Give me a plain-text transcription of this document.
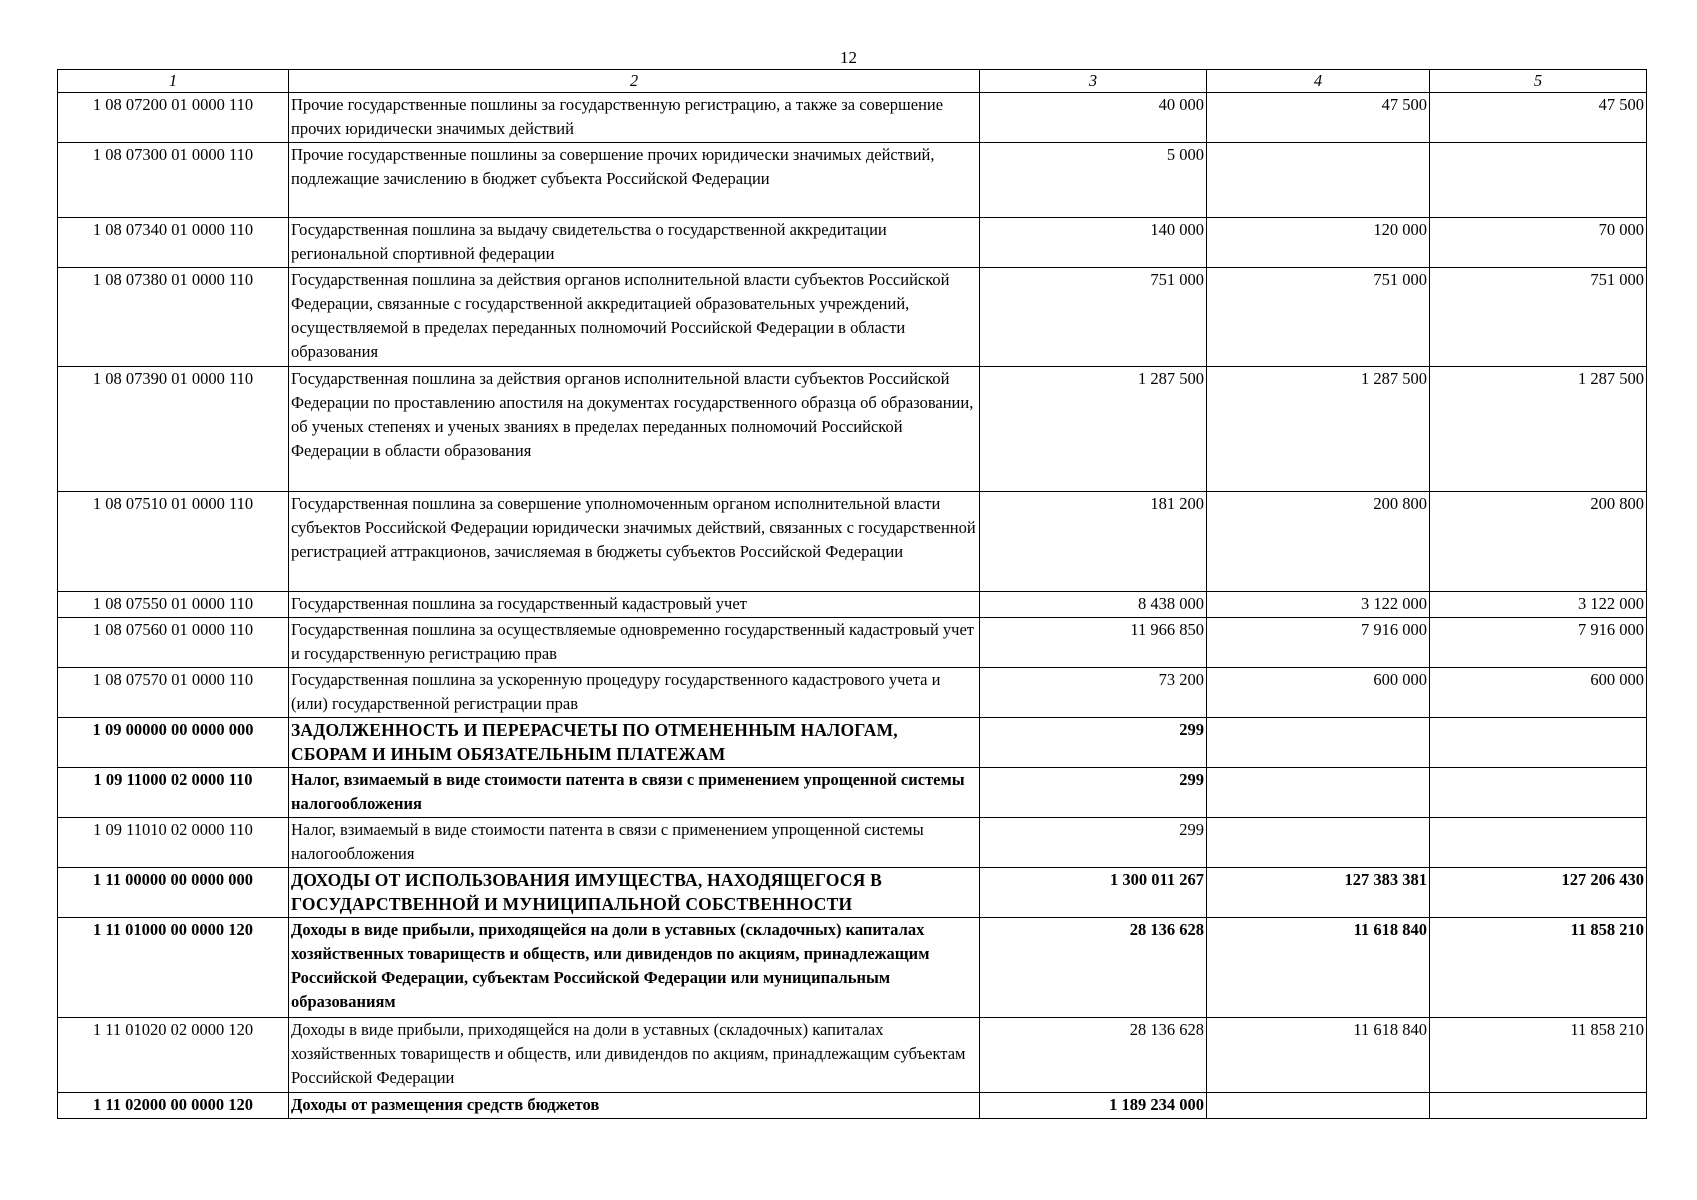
12
1	2	3	4	5
1 08 07200 01 0000 110	Прочие государственные пошлины за государственную регистрацию, а также за совершение прочих юридически значимых действий	40 000	47 500	47 500
1 08 07300 01 0000 110	Прочие государственные пошлины за совершение прочих юридически значимых действий, подлежащие зачислению в бюджет субъекта Российской Федерации	5 000		
1 08 07340 01 0000 110	Государственная пошлина за выдачу свидетельства о государственной аккредитации региональной спортивной федерации	140 000	120 000	70 000
1 08 07380 01 0000 110	Государственная пошлина за действия органов исполнительной власти субъектов Российской Федерации, связанные с государственной аккредитацией образовательных учреждений, осуществляемой в пределах переданных полномочий Российской Федерации в области образования	751 000	751 000	751 000
1 08 07390 01 0000 110	Государственная пошлина за действия органов исполнительной власти субъектов Российской Федерации по проставлению апостиля на документах государственного образца об образовании, об ученых степенях и ученых званиях в пределах переданных полномочий Российской Федерации в области образования	1 287 500	1 287 500	1 287 500
1 08 07510 01 0000 110	Государственная пошлина за совершение уполномоченным органом исполнительной власти субъектов Российской Федерации юридически значимых действий, связанных с государственной регистрацией аттракционов, зачисляемая в бюджеты субъектов Российской Федерации	181 200	200 800	200 800
1 08 07550 01 0000 110	Государственная пошлина за государственный кадастровый учет	8 438 000	3 122 000	3 122 000
1 08 07560 01 0000 110	Государственная пошлина за осуществляемые одновременно государственный кадастровый учет и государственную регистрацию прав	11 966 850	7 916 000	7 916 000
1 08 07570 01 0000 110	Государственная пошлина за ускоренную процедуру государственного кадастрового учета и (или) государственной регистрации прав	73 200	600 000	600 000
1 09 00000 00 0000 000	ЗАДОЛЖЕННОСТЬ И ПЕРЕРАСЧЕТЫ ПО ОТМЕНЕННЫМ НАЛОГАМ, СБОРАМ И ИНЫМ ОБЯЗАТЕЛЬНЫМ ПЛАТЕЖАМ	299		
1 09 11000 02 0000 110	Налог, взимаемый в виде стоимости патента в связи с применением упрощенной системы налогообложения	299		
1 09 11010 02 0000 110	Налог, взимаемый в виде стоимости патента в связи с применением упрощенной системы налогообложения	299		
1 11 00000 00 0000 000	ДОХОДЫ ОТ ИСПОЛЬЗОВАНИЯ ИМУЩЕСТВА, НАХОДЯЩЕГОСЯ В ГОСУДАРСТВЕННОЙ И МУНИЦИПАЛЬНОЙ СОБСТВЕННОСТИ	1 300 011 267	127 383 381	127 206 430
1 11 01000 00 0000 120	Доходы в виде прибыли, приходящейся на доли в уставных (складочных) капиталах хозяйственных товариществ и обществ, или дивидендов по акциям, принадлежащим Российской Федерации, субъектам Российской Федерации или муниципальным образованиям	28 136 628	11 618 840	11 858 210
1 11 01020 02 0000 120	Доходы в виде прибыли, приходящейся на доли в уставных (складочных) капиталах хозяйственных товариществ и обществ, или дивидендов по акциям, принадлежащим субъектам Российской Федерации	28 136 628	11 618 840	11 858 210
1 11 02000 00 0000 120	Доходы от размещения средств бюджетов	1 189 234 000		
